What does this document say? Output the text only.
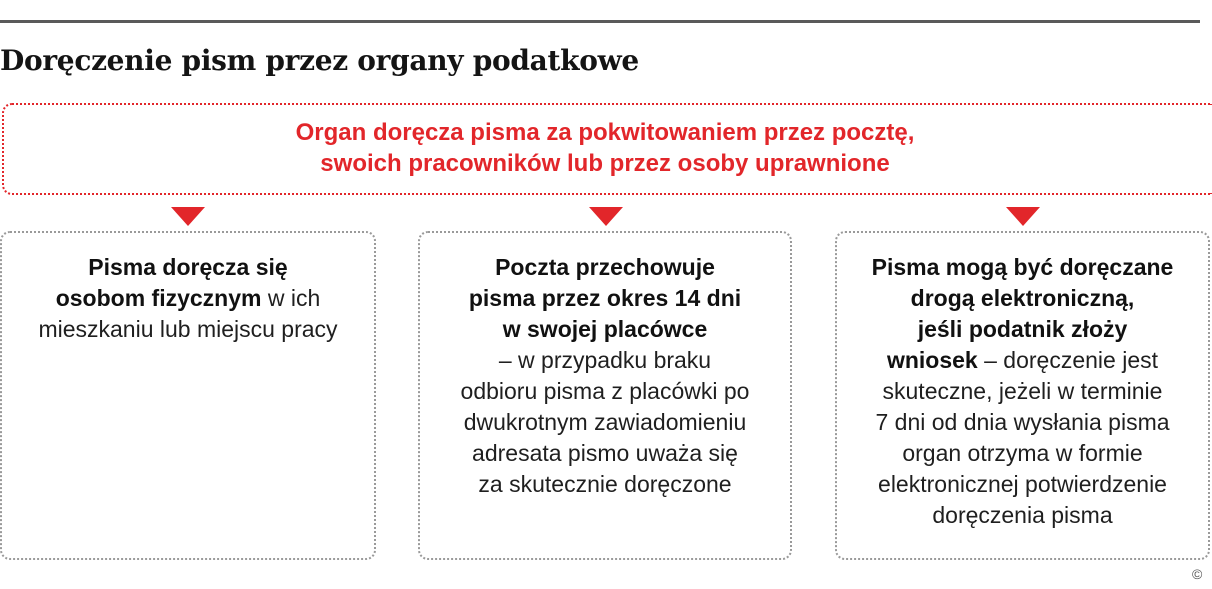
Doręczenie pism przez organy podatkowe
Organ doręcza pisma za pokwitowaniem przez pocztę,
swoich pracowników lub przez osoby uprawnione
Pisma doręcza się
osobom fizycznym w ich
mieszkaniu lub miejscu pracy
Poczta przechowuje
pisma przez okres 14 dni
w swojej placówce
– w przypadku braku
odbioru pisma z placówki po
dwukrotnym zawiadomieniu
adresata pismo uważa się
za skutecznie doręczone
Pisma mogą być doręczane
drogą elektroniczną,
jeśli podatnik złoży
wniosek – doręczenie jest
skuteczne, jeżeli w terminie
7 dni od dnia wysłania pisma
organ otrzyma w formie
elektronicznej potwierdzenie
doręczenia pisma
©
